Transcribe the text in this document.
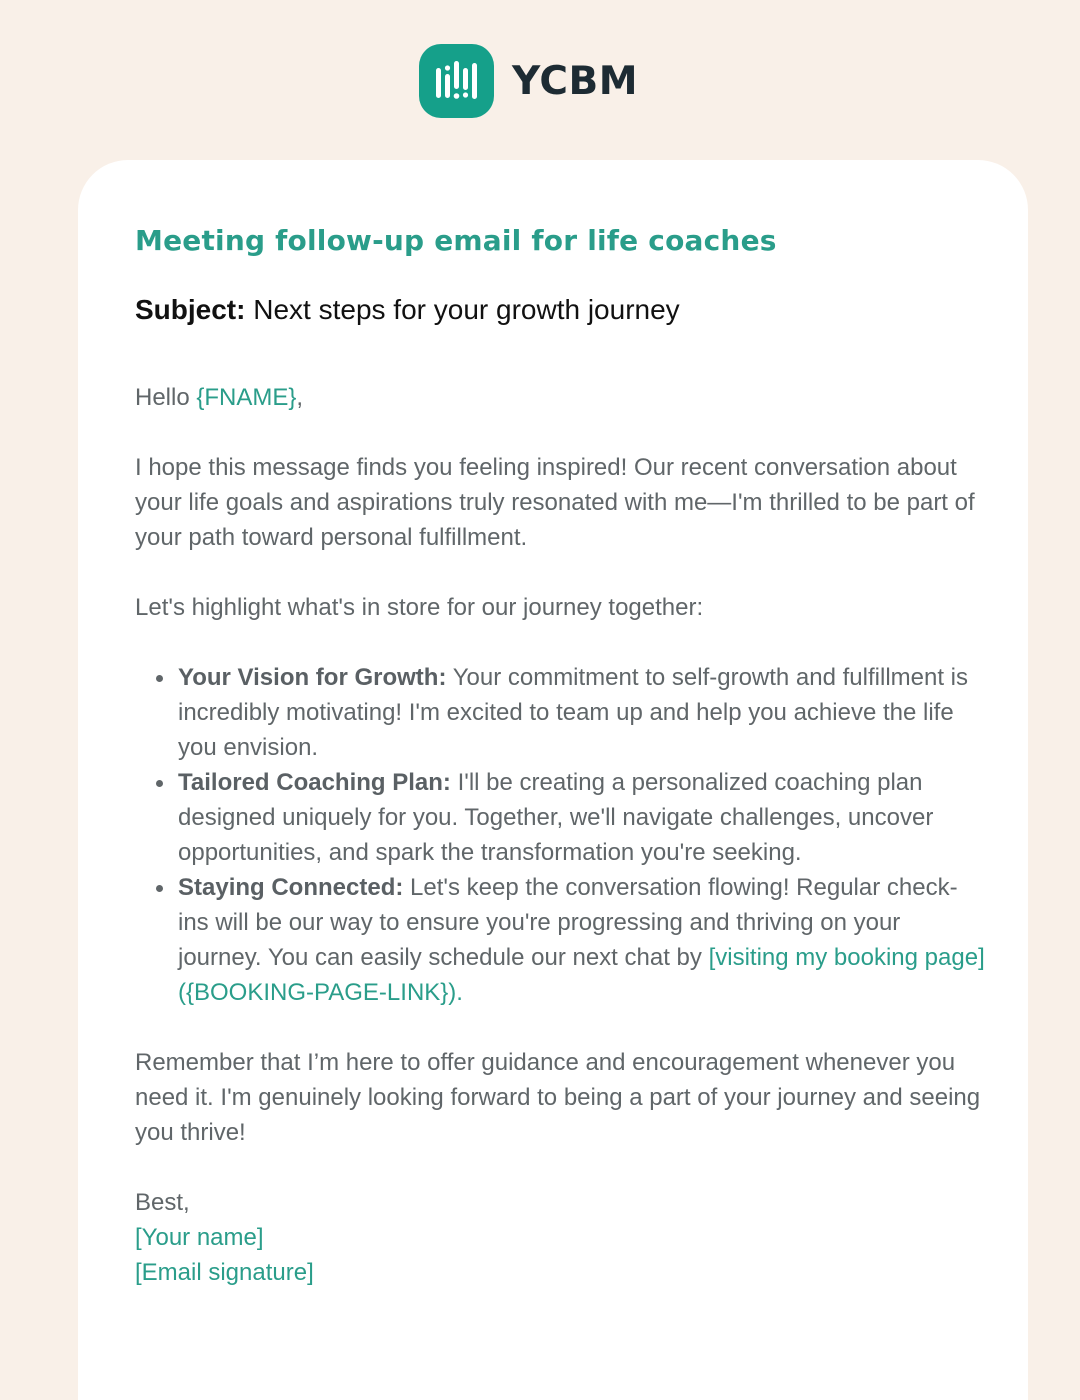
YCBM
Meeting follow-up email for life coaches
Subject: Next steps for your growth journey

Hello {FNAME},

I hope this message finds you feeling inspired! Our recent conversation about your life goals and aspirations truly resonated with me—I'm thrilled to be part of your path toward personal fulfillment.

Let's highlight what's in store for our journey together:

Your Vision for Growth: Your commitment to self-growth and fulfillment is incredibly motivating! I'm excited to team up and help you achieve the life you envision.
Tailored Coaching Plan: I'll be creating a personalized coaching plan designed uniquely for you. Together, we'll navigate challenges, uncover opportunities, and spark the transformation you're seeking.
Staying Connected: Let's keep the conversation flowing! Regular check-ins will be our way to ensure you're progressing and thriving on your journey. You can easily schedule our next chat by [visiting my booking page]({BOOKING-PAGE-LINK}).

Remember that I’m here to offer guidance and encouragement whenever you need it. I'm genuinely looking forward to being a part of your journey and seeing you thrive!

Best,
[Your name]
[Email signature]
